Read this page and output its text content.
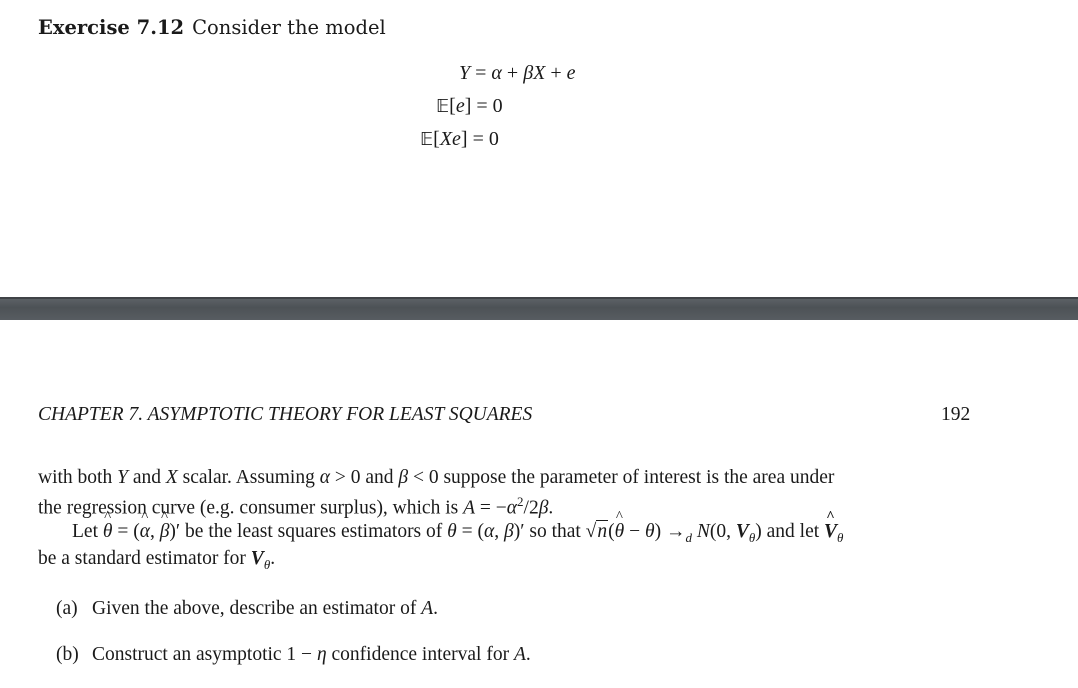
Exercise 7.12 Consider the model
Y = α + βX + e
𝔼[e] = 0
𝔼[Xe] = 0
CHAPTER 7. ASYMPTOTIC THEORY FOR LEAST SQUARES	192
with both Y and X scalar. Assuming α > 0 and β < 0 suppose the parameter of interest is the area under
the regression curve (e.g. consumer surplus), which is $A = -\alpha^2/2\beta$.
Let ^ θ = (^ α, ^ β)′ be the least squares estimators of θ = (α, β)′ so that √n(^ $\theta - \theta) \to_d$ N(0, $V_\theta$) and let ^ $V_\theta$
be a standard estimator for $V_\theta$.
(a) Given the above, describe an estimator of A.
(b) Construct an asymptotic 1 − η confidence interval for A.
